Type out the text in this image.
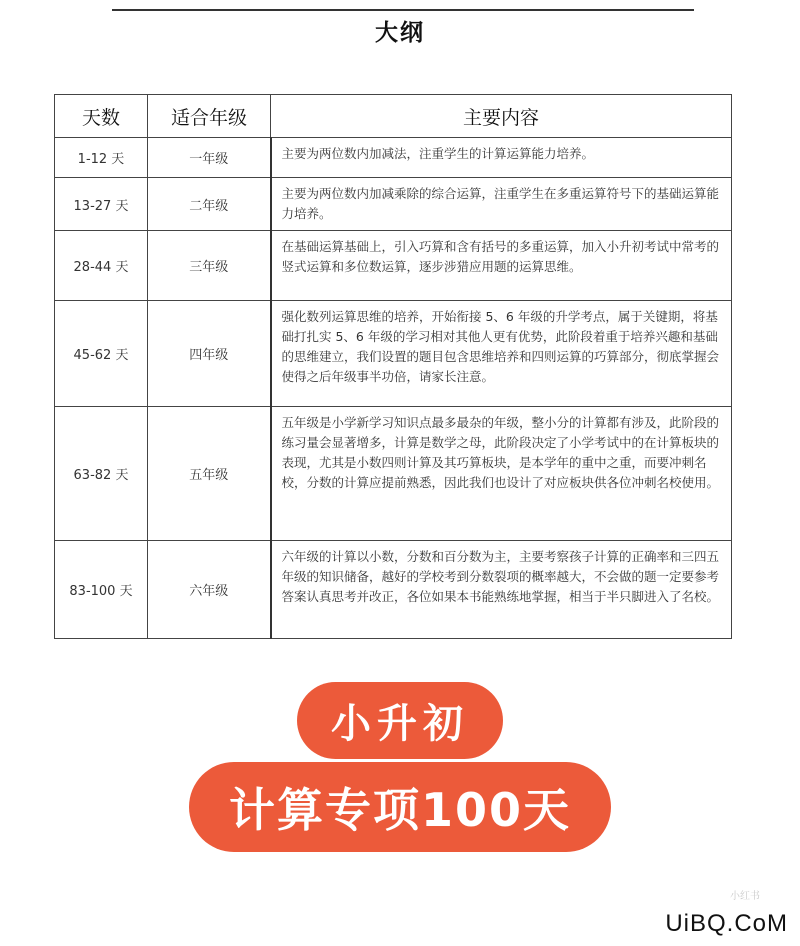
大纲
天数	适合年级	主要内容
1-12 天	一年级	主要为两位数内加减法，注重学生的计算运算能力培养。
13-27 天	二年级	主要为两位数内加减乘除的综合运算，注重学生在多重运算符号下的基础运算能力培养。
28-44 天	三年级	在基础运算基础上，引入巧算和含有括号的多重运算，加入小升初考试中常考的竖式运算和多位数运算，逐步涉猎应用题的运算思维。
45-62 天	四年级	强化数列运算思维的培养，开始衔接 5、6 年级的升学考点，属于关键期，将基础打扎实 5、6 年级的学习相对其他人更有优势，此阶段着重于培养兴趣和基础的思维建立，我们设置的题目包含思维培养和四则运算的巧算部分，彻底掌握会使得之后年级事半功倍，请家长注意。
63-82 天	五年级	五年级是小学新学习知识点最多最杂的年级，整小分的计算都有涉及，此阶段的练习量会显著增多，计算是数学之母，此阶段决定了小学考试中的在计算板块的表现，尤其是小数四则计算及其巧算板块，是本学年的重中之重，而要冲刺名校，分数的计算应提前熟悉，因此我们也设计了对应板块供各位冲刺名校使用。
83-100 天	六年级	六年级的计算以小数，分数和百分数为主，主要考察孩子计算的正确率和三四五年级的知识储备，越好的学校考到分数裂项的概率越大，不会做的题一定要参考答案认真思考并改正，各位如果本书能熟练地掌握，相当于半只脚进入了名校。
小升初
计算专项100天
小红书
UiBQ.CoM
